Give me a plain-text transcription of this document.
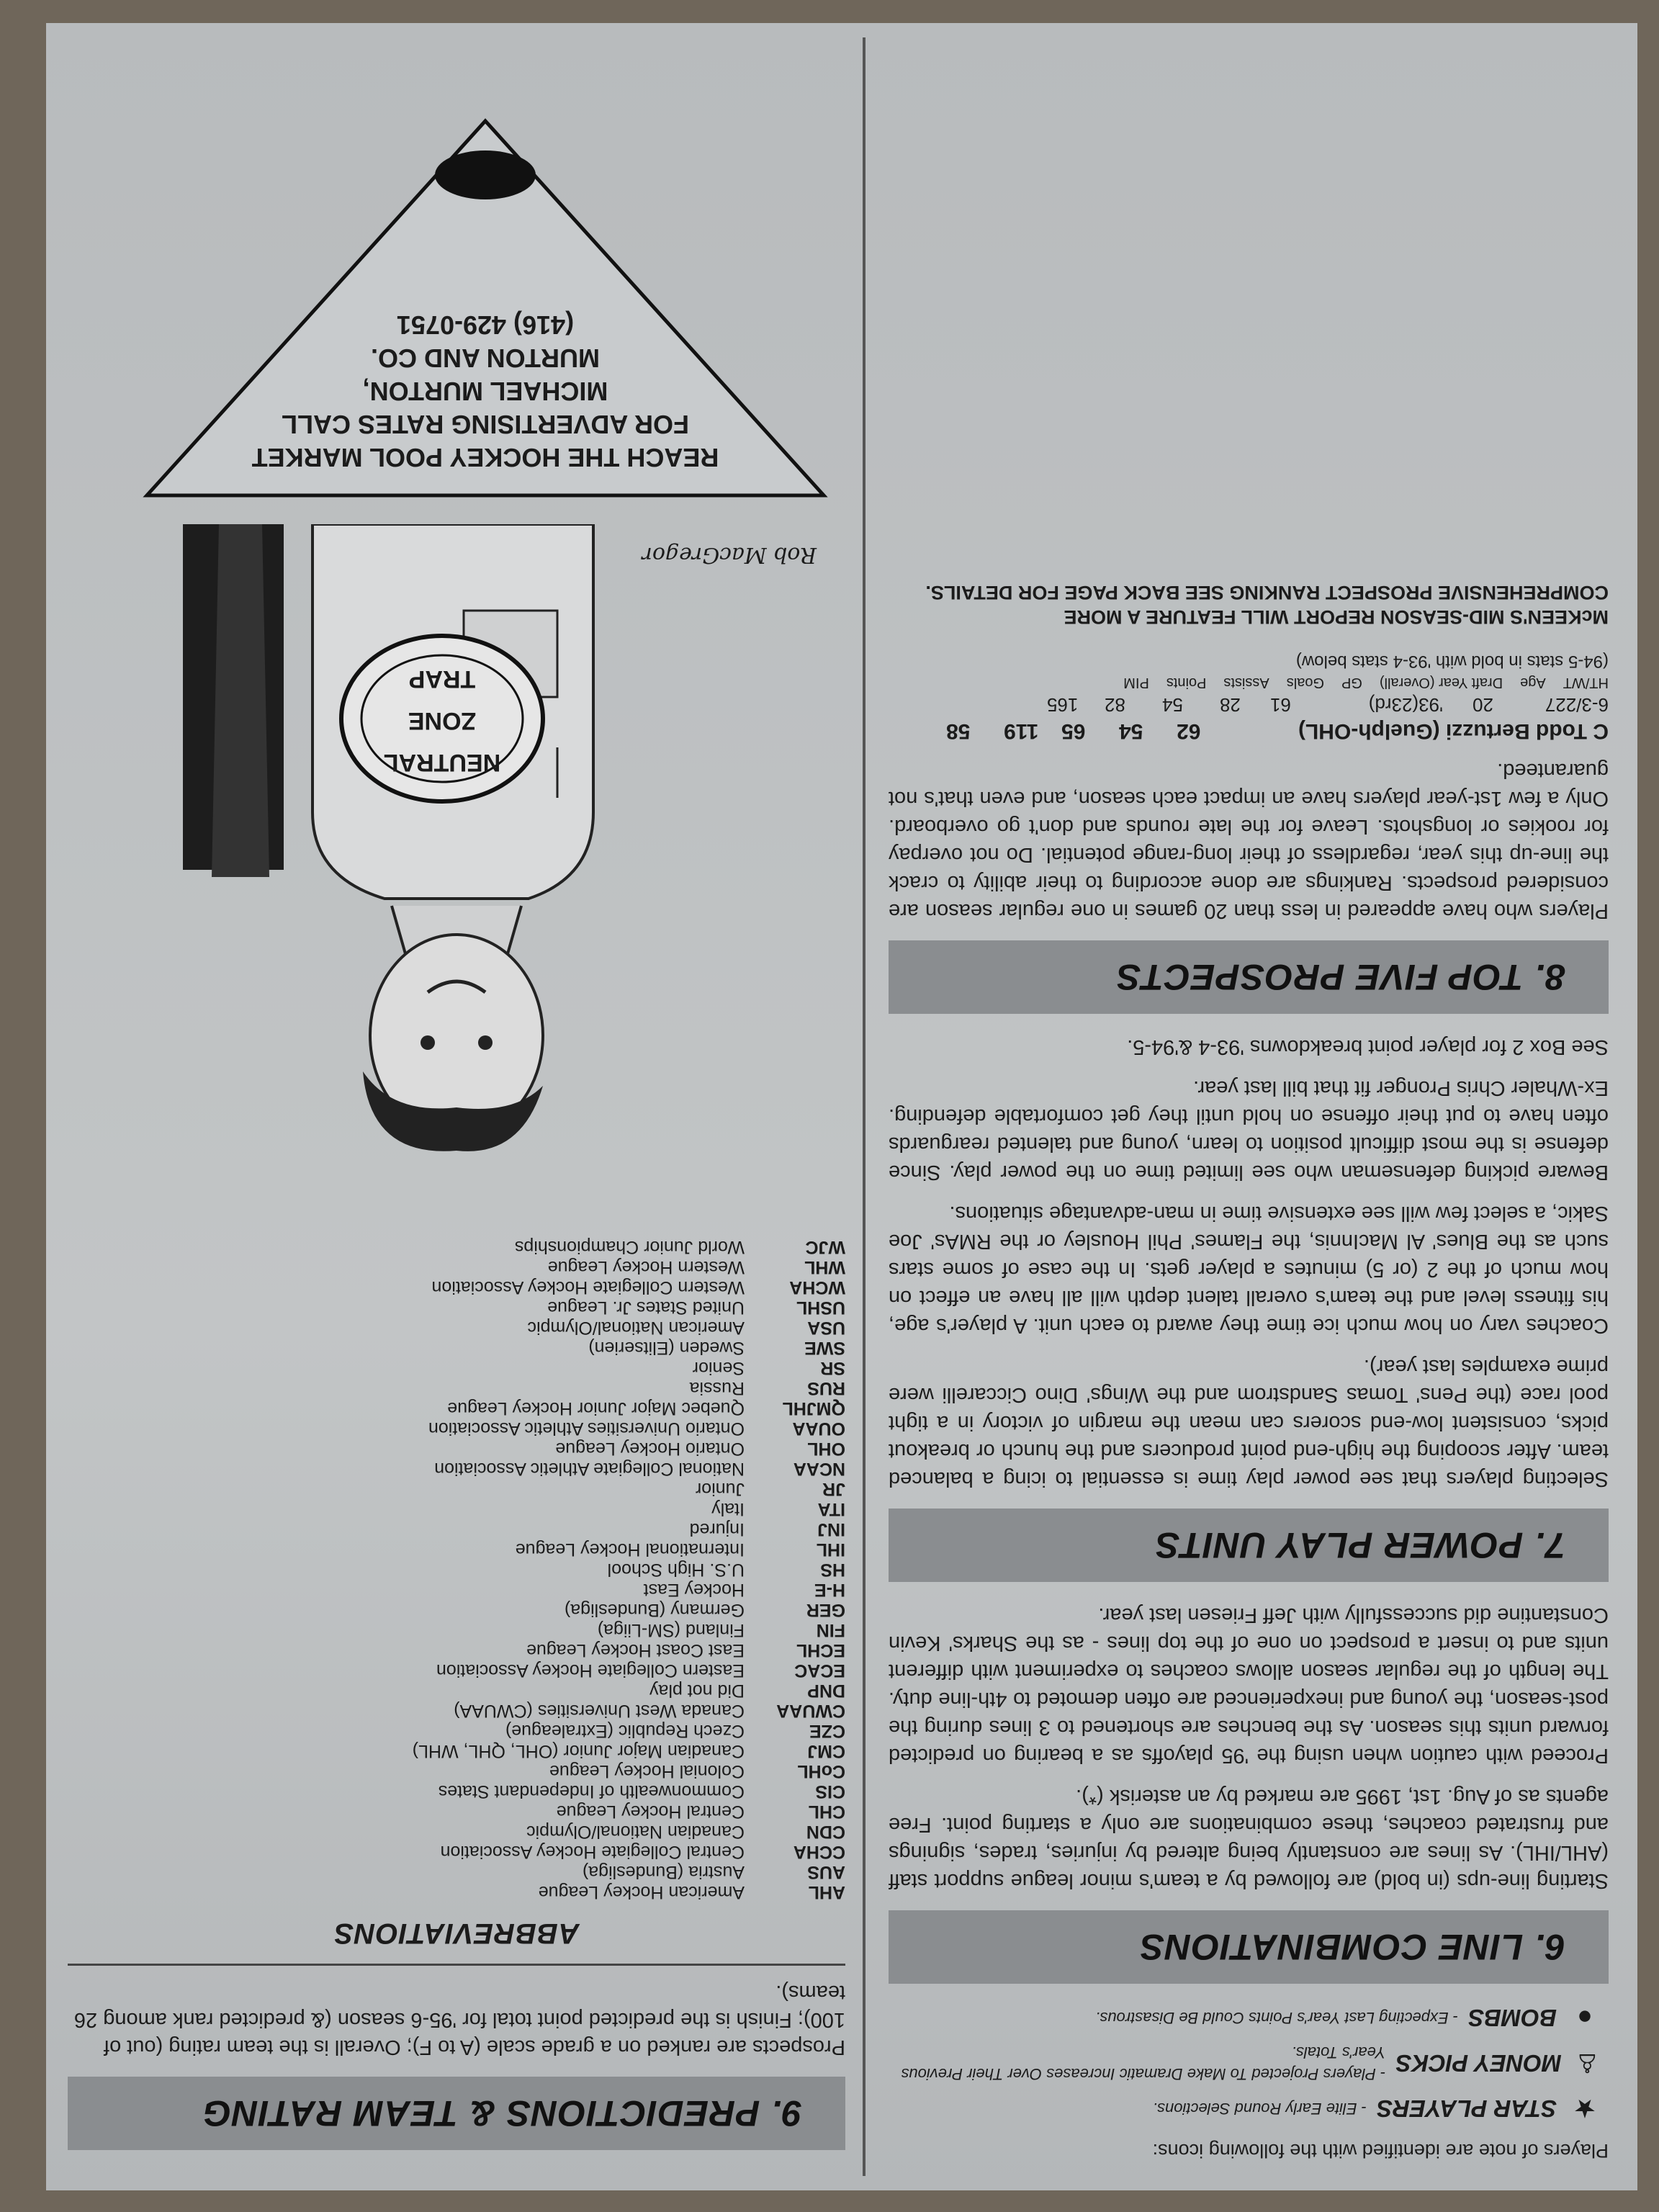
Players of note are identified with the following icons:
★
STAR PLAYERS
- Elite Early Round Selections.
♙
MONEY PICKS
- Players Projected To Make Dramatic Increases Over Their Previous Year's Totals.
●
BOMBS
- Expecting Last Year's Points Could Be Disastrous.
6. LINE COMBINATIONS

Starting line-ups (in bold) are followed by a team's minor league support staff (AHL/IHL). As lines are constantly being altered by injuries, trades, signings and frustrated coaches, these combinations are only a starting point. Free agents as of Aug. 1st, 1995 are marked by an asterisk (*).

Proceed with caution when using the '95 playoffs as a bearing on predicted forward units this season. As the benches are shortened to 3 lines during the post-season, the young and inexperienced are often demoted to 4th-line duty. The length of the regular season allows coaches to experiment with different units and to insert a prospect on one of the top lines - as the Sharks' Kevin Constantine did successfully with Jeff Friesen last year.

7. POWER PLAY UNITS

Selecting players that see power play time is essential to icing a balanced team. After scooping the high-end point producers and the hunch or breakout picks, consistent low-end scorers can mean the margin of victory in a tight pool race (the Pens' Tomas Sandstrom and the Wings' Dino Ciccarelli were prime examples last year).

Coaches vary on how much ice time they award to each unit. A player's age, his fitness level and the team's overall talent depth will all have an effect on how much of the 2 (or 5) minutes a player gets. In the case of some stars such as the Blues' Al MacInnis, the Flames' Phil Housley or the RMAs' Joe Sakic, a select few will see extensive time in man-advantage situations.

Beware picking defenseman who see limited time on the power play. Since defense is the most difficult position to learn, young and talented rearguards often have to put their offense on hold until they get comfortable defending. Ex-Whaler Chris Pronger fit that bill last year.

See Box 2 for player point breakdowns '93-4 &'94-5.

8. TOP FIVE PROSPECTS

Players who have appeared in less than 20 games in one regular season are considered prospects. Rankings are done according to their ability to crack the line-up this year, regardless of their long-range potential. Do not overpay for rookies or longshots. Leave for the late rounds and don't go overboard. Only a few 1st-year players have an impact each season, and even that's not guaranteed.

C Todd Bertuzzi (Guelph-OHL)
62
54
65
119
58
6-3/227
20
'93(23rd)
61
28
54
82
165
HT/WT
Age
Draft Year (Overall)
GP
Goals
Assists
Points
PIM
(94-5 stats in bold with '93-4 stats below)
McKEEN'S MID-SEASON REPORT WILL FEATURE A MORE COMPREHENSIVE PROSPECT RANKING SEE BACK PAGE FOR DETAILS.
9. PREDICTIONS & TEAM RATING

Prospects are ranked on a grade scale (A to F); Overall is the team rating (out of 100); Finish is the predicted point total for '95-6 season (& predicted rank among 26 teams).

ABBREVIATIONS
AHL
American Hockey League
AUS
Austria (Bundesliga)
CCHA
Central Collegiate Hockey Association
CDN
Canadian National/Olympic
CHL
Central Hockey League
CIS
Commonwealth of Independant States
CoHL
Colonial Hockey League
CMJ
Canadian Major Junior (OHL, QHL, WHL)
CZE
Czech Republic (Extraleague)
CWUAA
Canada West Universities (CWUAA)
DNP
Did not play
ECAC
Eastern Collegiate Hockey Association
ECHL
East Coast Hockey League
FIN
Finland (SM-Liiga)
GER
Germany (Bundesliga)
H-E
Hockey East
HS
U.S. High School
IHL
International Hockey League
INJ
Injured
ITA
Italy
JR
Junior
NCAA
National Collegiate Athletic Association
OHL
Ontario Hockey League
OUAA
Ontario Universities Athletic Association
QMJHL
Quebec Major Junior Hockey League
RUS
Russia
SR
Senior
SWE
Sweden (Elitserien)
USA
American National/Olympic
USHL
United States Jr. League
WCHA
Western Collegiate Hockey Association
WHL
Western Hockey League
WJC
World Junior Championships
NEUTRAL
ZONE
TRAP
Rob MacGregor
REACH THE HOCKEY POOL MARKET
FOR ADVERTISING RATES CALL
MICHAEL MURTON,
MURTON AND CO.
(416) 429-0751
